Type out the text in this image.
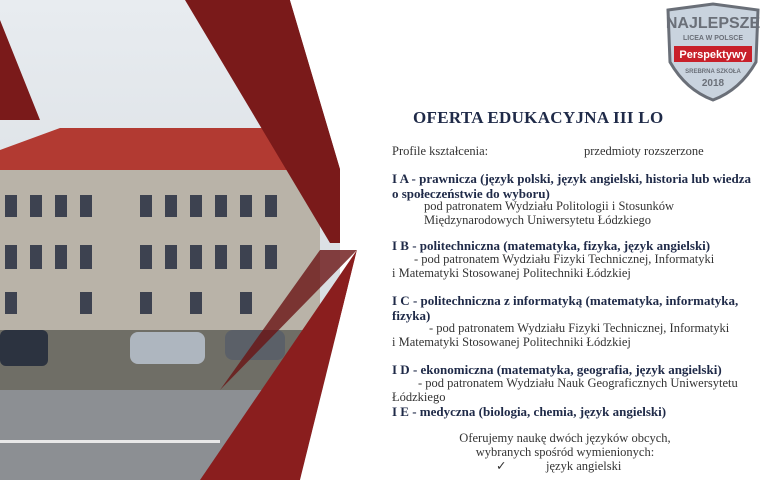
NAJLEPSZE
LICEA W POLSCE
Perspektywy
SREBRNA SZKOŁA
2018
OFERTA EDUKACYJNA III LO
Profile kształcenia:	przedmioty rozszerzone
I A - prawnicza (język polski, język angielski, historia lub wiedza
o społeczeństwie do wyboru)
pod patronatem Wydziału Politologii i Stosunków
Międzynarodowych Uniwersytetu Łódzkiego
I B - politechniczna (matematyka, fizyka, język angielski)
- pod patronatem Wydziału Fizyki Technicznej, Informatyki
i Matematyki Stosowanej Politechniki Łódzkiej
I C - politechniczna z informatyką (matematyka, informatyka,
fizyka)
- pod patronatem Wydziału Fizyki Technicznej, Informatyki
i Matematyki Stosowanej Politechniki Łódzkiej
I D - ekonomiczna (matematyka, geografia, język angielski)
- pod patronatem Wydziału Nauk Geograficznych Uniwersytetu
Łódzkiego
I E - medyczna (biologia, chemia, język angielski)
Oferujemy naukę dwóch języków obcych,
wybranych spośród wymienionych:
✓	język angielski
